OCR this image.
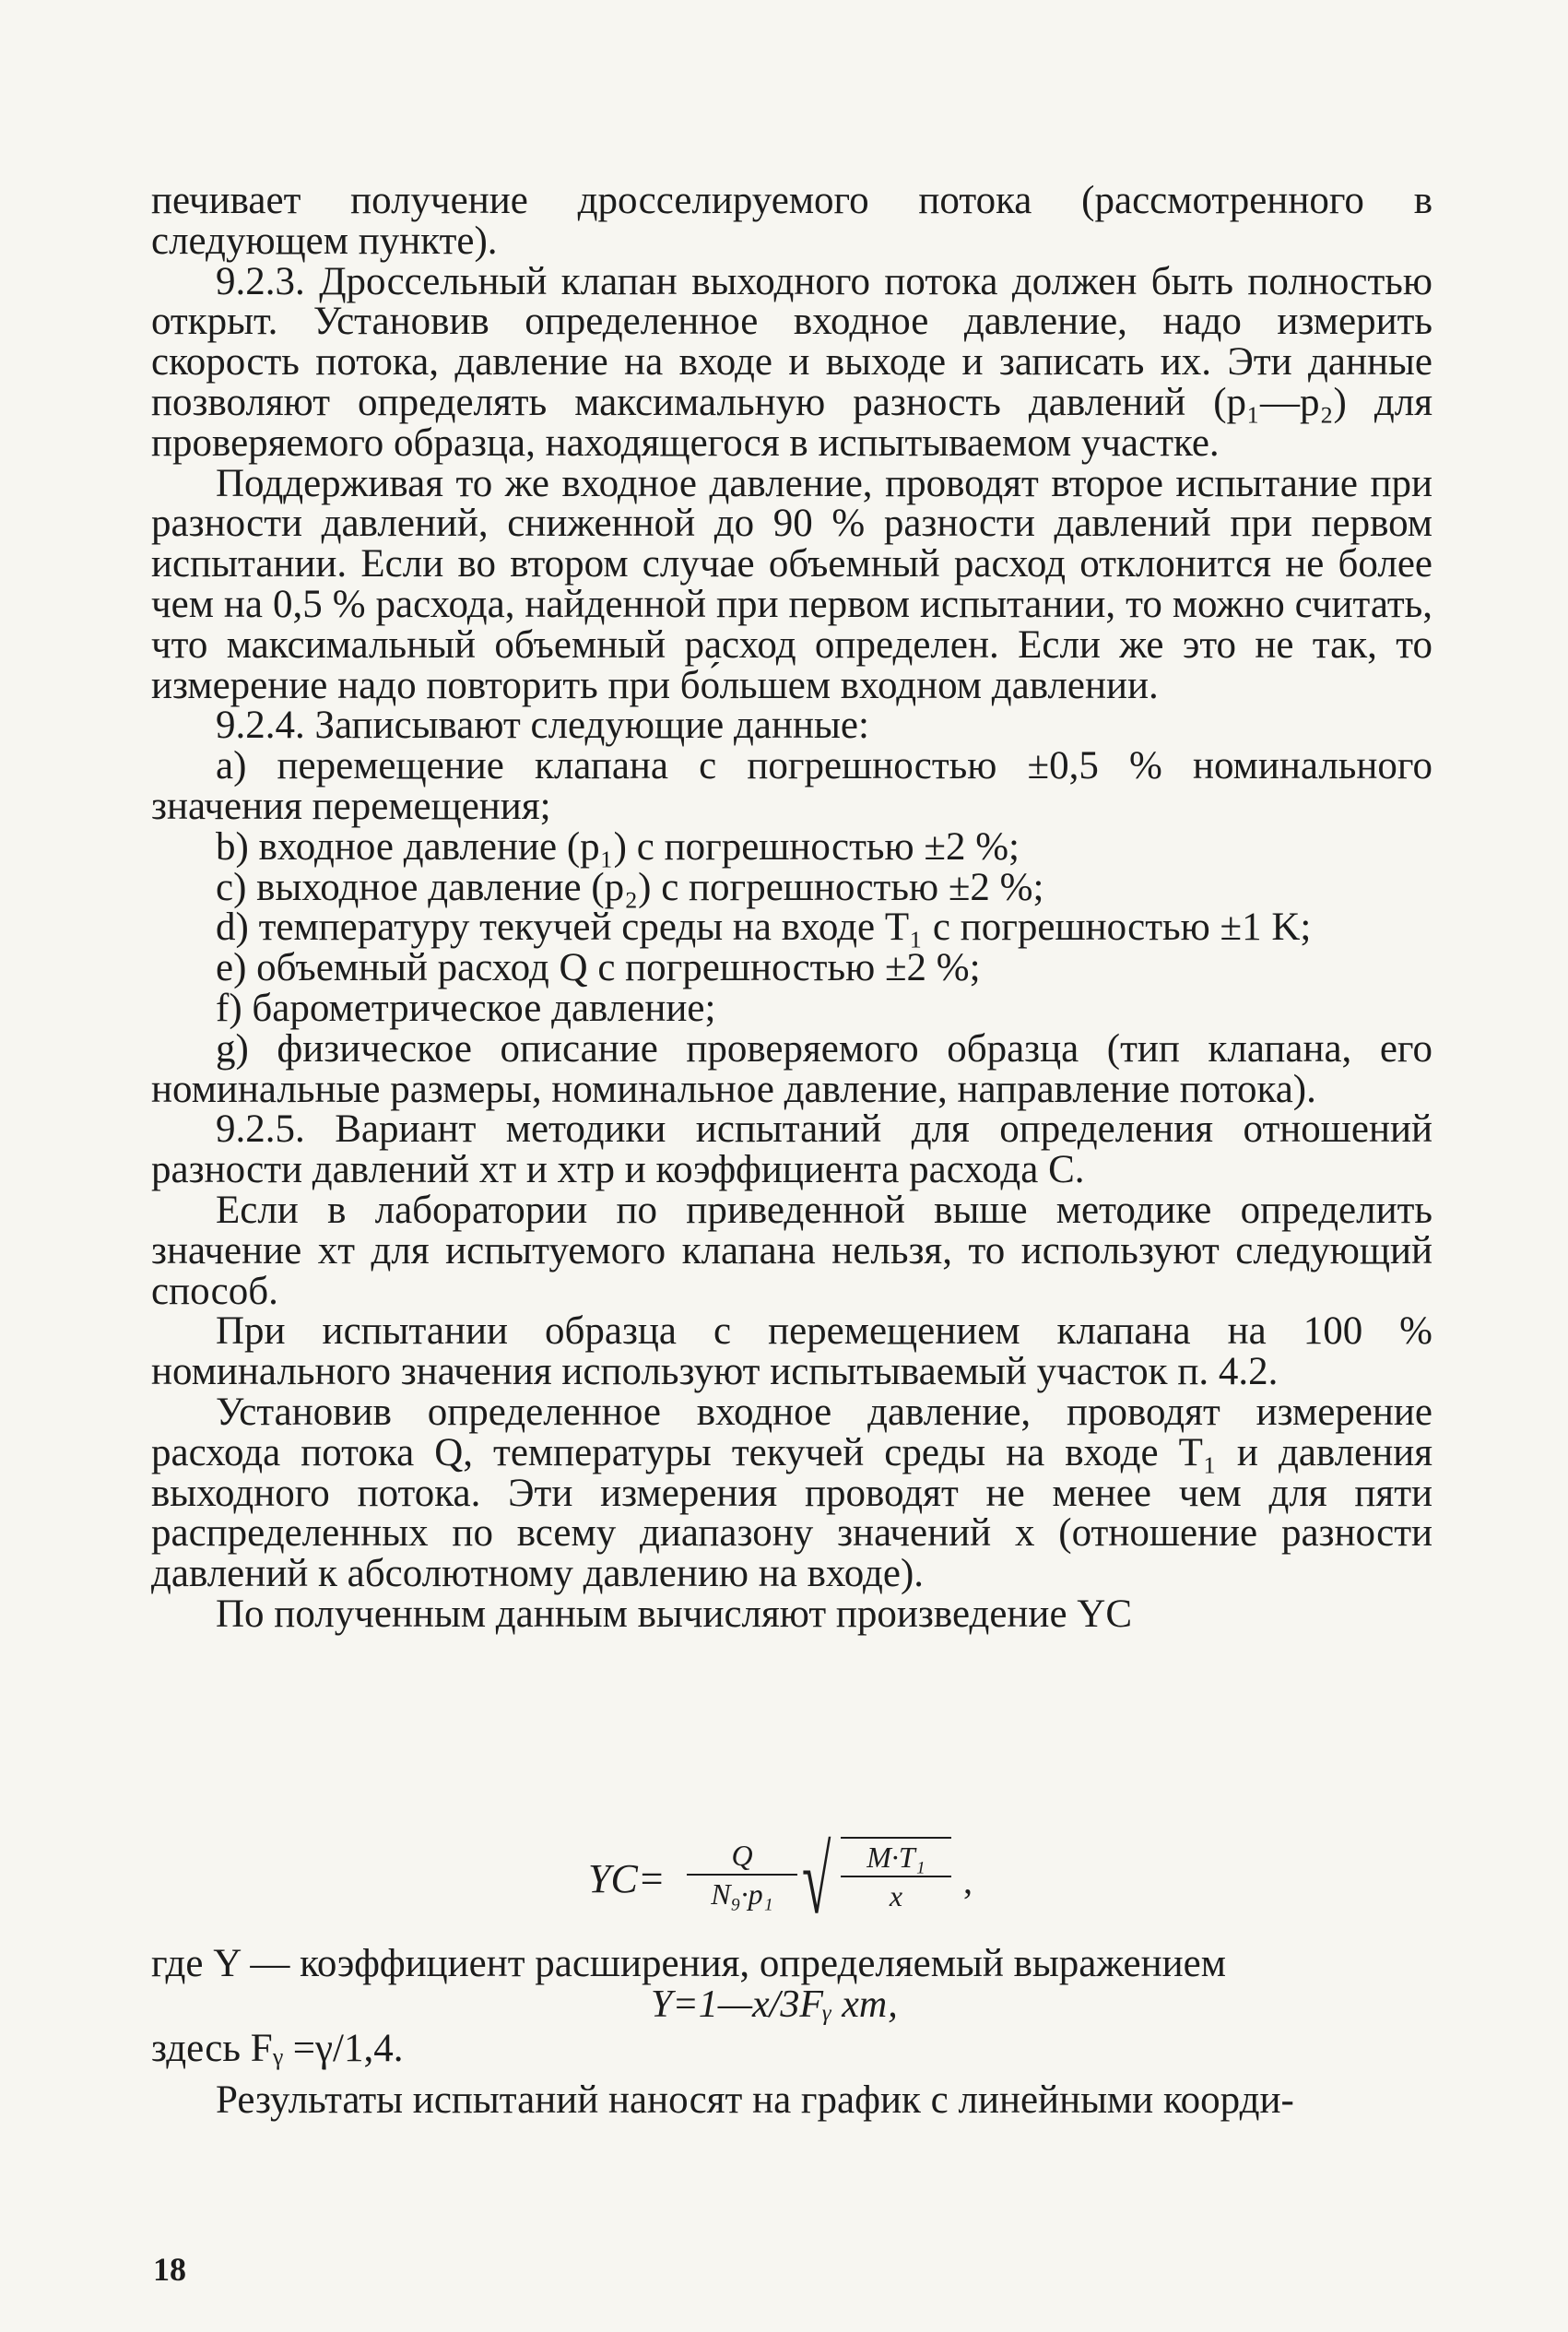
печивает получение дросселируемого потока (рассмотренного в следующем пункте).

9.2.3. Дроссельный клапан выходного потока должен быть полностью открыт. Установив определенное входное давление, надо измерить скорость потока, давление на входе и выходе и записать их. Эти данные позволяют определять максимальную разность давлений (p₁—p₂) для проверяемого образца, находящегося в испытываемом участке.

Поддерживая то же входное давление, проводят второе испытание при разности давлений, сниженной до 90 % разности давлений при первом испытании. Если во втором случае объемный расход отклонится не более чем на 0,5 % расхода, найденной при первом испытании, то можно считать, что максимальный объемный расход определен. Если же это не так, то измерение надо повторить при бо́льшем входном давлении.

9.2.4. Записывают следующие данные:

a) перемещение клапана с погрешностью ±0,5 % номинального значения перемещения;

b) входное давление (p₁) с погрешностью ±2 %;

c) выходное давление (p₂) с погрешностью ±2 %;

d) температуру текучей среды на входе T₁ с погрешностью ±1 K;

e) объемный расход Q с погрешностью ±2 %;

f) барометрическое давление;

g) физическое описание проверяемого образца (тип клапана, его номинальные размеры, номинальное давление, направление потока).

9.2.5. Вариант методики испытаний для определения отношений разности давлений xт и xтр и коэффициента расхода C.

Если в лаборатории по приведенной выше методике определить значение xт для испытуемого клапана нельзя, то используют следующий способ.

При испытании образца с перемещением клапана на 100 % номинального значения используют испытываемый участок п. 4.2.

Установив определенное входное давление, проводят измерение расхода потока Q, температуры текучей среды на входе T₁ и давления выходного потока. Эти измерения проводят не менее чем для пяти распределенных по всему диапазону значений x (отношение разности давлений к абсолютному давлению на входе).

По полученным данным вычисляют произведение YC

$YC= \frac{Q}{\text{N₉·p₁}}$ √ $\frac{\text{M·T₁}}{x}$ ,
где Y — коэффициент расширения, определяемый выражением
Y=1—x/3Fᵧ xт,
здесь Fᵧ =γ/1,4.
Результаты испытаний наносят на график с линейными коорди-
18
